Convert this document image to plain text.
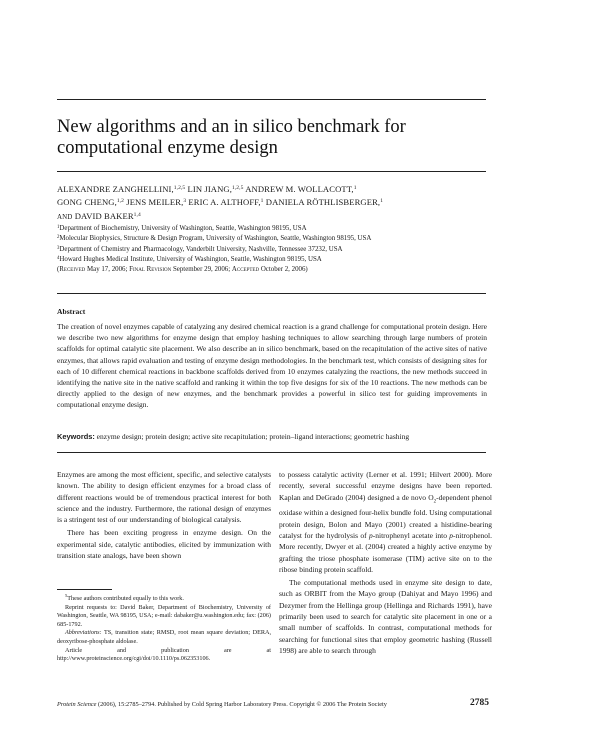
New algorithms and an in silico benchmark for
computational enzyme design
ALEXANDRE ZANGHELLINI,$^{1,2,5}$ LIN JIANG,$^{1,2,5}$ ANDREW M. WOLLACOTT,$^1$
GONG CHENG,$^{1,2}$ JENS MEILER,$^3$ ERIC A. ALTHOFF,$^1$ DANIELA RÖTHLISBERGER,$^1$
AND DAVID BAKER$^{1,4}$
$^1$Department of Biochemistry, University of Washington, Seattle, Washington 98195, USA
$^2$Molecular Biophysics, Structure & Design Program, University of Washington, Seattle, Washington 98195, USA
$^3$Department of Chemistry and Pharmacology, Vanderbilt University, Nashville, Tennessee 37232, USA
$^4$Howard Hughes Medical Institute, University of Washington, Seattle, Washington 98195, USA
(Received May 17, 2006; Final Revision September 29, 2006; Accepted October 2, 2006)
Abstract
The creation of novel enzymes capable of catalyzing any desired chemical reaction is a grand challenge for computational protein design. Here we describe two new algorithms for enzyme design that employ hashing techniques to allow searching through large numbers of protein scaffolds for optimal catalytic site placement. We also describe an in silico benchmark, based on the recapitulation of the active sites of native enzymes, that allows rapid evaluation and testing of enzyme design methodologies. In the benchmark test, which consists of designing sites for each of 10 different chemical reactions in backbone scaffolds derived from 10 enzymes catalyzing the reactions, the new methods succeed in identifying the native site in the native scaffold and ranking it within the top five designs for six of the 10 reactions. The new methods can be directly applied to the design of new enzymes, and the benchmark provides a powerful in silico test for guiding improvements in computational enzyme design.
Keywords: enzyme design; protein design; active site recapitulation; protein–ligand interactions; geometric hashing

Enzymes are among the most efficient, specific, and selective catalysts known. The ability to design efficient enzymes for a broad class of different reactions would be of tremendous practical interest for both science and the industry. Furthermore, the rational design of enzymes is a stringent test of our understanding of biological catalysis.

There has been exciting progress in enzyme design. On the experimental side, catalytic antibodies, elicited by immunization with transition state analogs, have been shown

to possess catalytic activity (Lerner et al. 1991; Hilvert 2000). More recently, several successful enzyme designs have been reported. Kaplan and DeGrado (2004) designed a de novo $O_2$-dependent phenol oxidase within a designed four-helix bundle fold. Using computational protein design, Bolon and Mayo (2001) created a histidine-bearing catalyst for the hydrolysis of p-nitrophenyl acetate into p-nitrophenol. More recently, Dwyer et al. (2004) created a highly active enzyme by grafting the triose phosphate isomerase (TIM) active site on to the ribose binding protein scaffold.

The computational methods used in enzyme site design to date, such as ORBIT from the Mayo group (Dahiyat and Mayo 1996) and Dezymer from the Hellinga group (Hellinga and Richards 1991), have primarily been used to search for catalytic site placement in one or a small number of scaffolds. In contrast, computational methods for searching for functional sites that employ geometric hashing (Russell 1998) are able to search through

$^5$These authors contributed equally to this work.

Reprint requests to: David Baker, Department of Biochemistry, University of Washington, Seattle, WA 98195, USA; e-mail: dabaker@u.washington.edu; fax: (206) 685-1792.

Abbreviations: TS, transition state; RMSD, root mean square deviation; DERA, deoxyribose-phosphate aldolase.

Article and publication are at http://www.proteinscience.org/cgi/doi/10.1110/ps.062353106.

Protein Science (2006), 15:2785–2794. Published by Cold Spring Harbor Laboratory Press. Copyright © 2006 The Protein Society	2785
